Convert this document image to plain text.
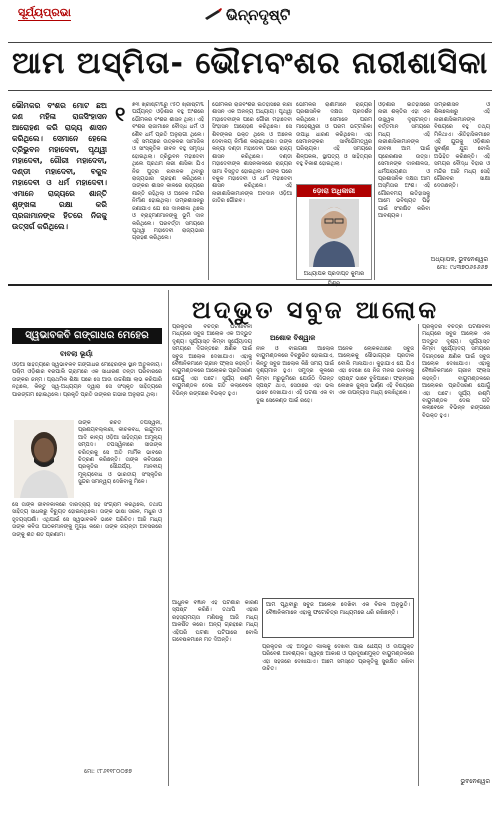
ସୂର୍ଯ୍ୟପ୍ରଭା	ଭିନ୍ନଦୃଷ୍ଟି
ଆମ ଅସ୍ମିତା- ଭୌମବଂଶର ନାରୀଶାସିକା
ଭୌମକର ବଂଶର ମୋଟ ଛଅ ଜଣ ମହିଳା ରାଜସିଂହାସନ ଆରୋହଣ କରି ରାଜ୍ୟ ଶାସନ କରିଥିଲେ। ସେମାନେ ହେଲେ ତ୍ରିଭୁବନ ମହାଦେବୀ, ପୃଥ୍ୱୀ ମହାଦେବୀ, ଗୌରୀ ମହାଦେବୀ, ଦଣ୍ଡୀ ମହାଦେବୀ, ବକୁଳ ମହାଦେବୀ ଓ ଧର୍ମ ମହାଦେବୀ। ଏମାନେ ରାଜ୍ୟରେ ଶାନ୍ତି ଶୃଙ୍ଖଳା ରକ୍ଷା କରି ପ୍ରଜାମାନଙ୍କ ହିତରେ ନିଜକୁ ଉତ୍ସର୍ଗ କରିଥିଲେ।
୧ ୭୩ ଖ୍ରୀଷ୍ଟାବ୍ଦରୁ ୯୫୦ ଖ୍ରୀଷ୍ଟାବ୍ଦ ପର୍ଯ୍ୟନ୍ତ ଓଡ଼ିଶାର ବହୁ ଅଂଶରେ ଭୌମକର ବଂଶର ଶାସନ ଥିଲା। ଏହି ବଂଶର ରାଜାମାନେ ବୌଦ୍ଧ ଧର୍ମ ଓ ଶୈବ ଧର୍ମ ପ୍ରତି ଅନୁରାଗୀ ଥିଲେ। ଏହି ସମୟରେ ଉତ୍କଳର ସାମାଜିକ ଓ ସାଂସ୍କୃତିକ ଜୀବନ ବହୁ ସମୃଦ୍ଧ ହୋଇଥିଲା। ତ୍ରିଭୁବନ ମହାଦେବୀ ଥିଲେ ପ୍ରଥମ ନାରୀ ଶାସିକା ଯିଏ ନିଜ ପୁତ୍ର ନାବାଳକ ଥିବାରୁ ରାଜ୍ୟଭାର ଗ୍ରହଣ କରିଥିଲେ। ତାଙ୍କର ଶାସନ କାଳରେ ରାଜ୍ୟରେ ଶାନ୍ତି ରହିଥିଲା ଓ ଅନେକ ମନ୍ଦିର ନିର୍ମାଣ ହୋଇଥିଲା। ତାମ୍ରଶାସନରୁ ଜଣାଯାଏ ଯେ ସେ ଦାନଶୀଳା ଥିଲେ ଓ ବ୍ରାହ୍ମଣମାନଙ୍କୁ ଭୂମି ଦାନ କରିଥିଲେ। ପରବର୍ତ୍ତୀ ସମୟରେ ପୃଥ୍ୱୀ ମହାଦେବୀ ରାଜ୍ୟଭାର ଗ୍ରହଣ କରିଥିଲେ।
ଭୌମକର ରାଜବଂଶର ଇତିହାସରେ ନାରୀ ଶାସନ ଏକ ଅନନ୍ୟ ଅଧ୍ୟାୟ। ପୃଥ୍ୱୀ ମହାଦେବୀଙ୍କ ପରେ ଗୌରୀ ମହାଦେବୀ ସିଂହାସନ ଆରୋହଣ କରିଥିଲେ। ସେ ଶିବଙ୍କର ଭକ୍ତ ଥିଲେ ଓ ଅନେକ ଦେବାଳୟ ନିର୍ମାଣ କରାଇଥିଲେ। ତାଙ୍କ କନ୍ୟା ଦଣ୍ଡୀ ମହାଦେବୀ ପରେ ରାଜ୍ୟ ଶାସନ କରିଥିଲେ। ଦଣ୍ଡୀ ମହାଦେବୀଙ୍କ ଶାସନକାଳରେ ରାଜ୍ୟର ସୀମା ବିସ୍ତୃତ ହୋଇଥିଲା। ତାଙ୍କ ପରେ ବକୁଳ ମହାଦେବୀ ଓ ଧର୍ମ ମହାଦେବୀ ଶାସନ କରିଥିଲେ। ଏହି ନାରୀଶାସିକାମାନଙ୍କ ଅବଦାନ ଓଡ଼ିଆ ଜାତିର ଗୌରବ।
ଭୌମକର ରାଣୀମାନେ ରାଜ୍ୟର ପ୍ରଶାସନିକ ଦକ୍ଷତା ପ୍ରଦର୍ଶନ କରିଥିଲେ। ସେମାନେ ପରମ ମାହେଶ୍ୱରୀ ଓ ପରମ ଭଟ୍ଟାରିକା ଉପାଧି ଧାରଣ କରିଥିଲେ। ଏହା ସେମାନଙ୍କର ସାର୍ବଭୌମତ୍ୱର ପରିଚାୟକ। ଏହି ସମୟରେ ଶିଳ୍ପକଳା, ସ୍ଥାପତ୍ୟ ଓ ସାହିତ୍ୟର ବହୁ ବିକାଶ ହୋଇଥିଲା।
ଡ଼ୋରା ଅଧିକାରୀ
ଅଧ୍ୟାପକ ପ୍ରଦୀପ୍ତ କୁମାର
ଓଡ଼ିଶାର ଇତିହାସରେ ନାରୀ ଶକ୍ତିର ଏହା ଏକ ଉଜ୍ଜ୍ୱଳ ଦୃଷ୍ଟାନ୍ତ। ବର୍ତ୍ତମାନ ସମୟରେ ମଧ୍ୟ ଏହି ନାରୀଶାସିକାମାନଙ୍କ ଜୀବନୀ ଆମ ପାଇଁ ପ୍ରେରଣାର ଉତ୍ସ। ସେମାନଙ୍କ ଦାନଶୀଳତା, ଧର୍ମପରାୟଣତା ଓ ପ୍ରଶାସନିକ ଦକ୍ଷତା ଆମ ଅସ୍ମିତାର ଅଂଶ। ଏହି ଗୌରବମୟ ଇତିହାସକୁ ଆମେ ଭବିଷ୍ୟତ ପିଢ଼ି ପାଇଁ ସଂରକ୍ଷିତ କରିବା ଆବଶ୍ୟକ।
ତାମ୍ରଶାସନ ଓ ଶିଳାଲେଖରୁ ଏହି ନାରୀଶାସିକାମାନଙ୍କ ବିଷୟରେ ବହୁ ତଥ୍ୟ ମିଳିଥାଏ। ଐତିହାସିକମାନେ ଏହି ଯୁଗକୁ ଓଡ଼ିଶାର ସୁବର୍ଣ୍ଣ ଯୁଗ ବୋଲି ଅଭିହିତ କରିଛନ୍ତି। ଏହି ସମୟର ବୌଦ୍ଧ ବିହାର ଓ ମନ୍ଦିର ଆଜି ମଧ୍ୟ ସେହି ଗୌରବର ସାକ୍ଷୀ ଦେଉଛନ୍ତି।
ଅଧ୍ୟାପକ, ଭୁବନେଶ୍ୱର
ମୋ: ୯୪୩୭୦୬୫୬୬୭
ଅଦ୍ଭୁତ ସବୁଜ ଆଲୋକ
ଅଶୋକ ବିଶ୍ୱାଳ
ସ୍ୱଭାବକବି ଗଙ୍ଗାଧର ମେହେର
ବାବଲା ଭୂୟାଁ
ଓଡ଼ିଆ ସାହିତ୍ୟରେ ସ୍ୱଭାବକବି ଗଙ୍ଗାଧର ମେହେରଙ୍କ ସ୍ଥାନ ଅତୁଳନୀୟ। ପଶ୍ଚିମ ଓଡ଼ିଶାର ବରପାଲି ଗ୍ରାମରେ ଏକ ସାଧାରଣ ତନ୍ତୀ ପରିବାରରେ ତାଙ୍କର ଜନ୍ମ। ପ୍ରାଥମିକ ଶିକ୍ଷା ପରେ ସେ ଆଉ ଉଚ୍ଚଶିକ୍ଷା ଲାଭ କରିପାରି ନଥିଲେ, କିନ୍ତୁ ସ୍ୱ-ଅଧ୍ୟୟନ ଦ୍ୱାରା ସେ ସଂସ୍କୃତ ସାହିତ୍ୟରେ ପାରଙ୍ଗମ ହୋଇଥିଲେ। ପ୍ରକୃତି ପ୍ରତି ତାଙ୍କର ଗଭୀର ଅନୁରାଗ ଥିଲା।
ତାଙ୍କ ରଚିତ ତପସ୍ୱିନୀ, ପ୍ରଣୟବଲ୍ଲରୀ, କୀଚକବଧ, ଇନ୍ଦୁମତୀ ଆଦି କାବ୍ୟ ଓଡ଼ିଆ ସାହିତ୍ୟର ଅମୂଲ୍ୟ ସମ୍ପଦ। ତପସ୍ୱିନୀରେ ସୀତାଙ୍କ ଚରିତ୍ରକୁ ସେ ଅତି ମାର୍ମିକ ଭାବରେ ଚିତ୍ରଣ କରିଛନ୍ତି। ତାଙ୍କ କବିତାରେ ପ୍ରକୃତିର ସୌନ୍ଦର୍ଯ୍ୟ, ମାନବୀୟ ମୂଲ୍ୟବୋଧ ଓ ଭାରତୀୟ ସଂସ୍କୃତିର ସୁନ୍ଦର ସମନ୍ୱୟ ଦେଖିବାକୁ ମିଳେ।
ସେ ତାଙ୍କ ଜୀବନକାଳରେ ଦାରିଦ୍ର୍ୟ ସହ ସଂଗ୍ରାମ କରିଥିଲେ, ତଥାପି ସାହିତ୍ୟ ସାଧନାରୁ ବିଚ୍ୟୁତ ହୋଇନଥିଲେ। ତାଙ୍କ ଭାଷା ସରଳ, ମଧୁର ଓ ହୃଦୟସ୍ପର୍ଶୀ। ଏଥିପାଇଁ ସେ ସ୍ୱଭାବକବି ଭାବେ ପରିଚିତ। ଆଜି ମଧ୍ୟ ତାଙ୍କ କବିତା ପାଠକମାନଙ୍କୁ ମୁଗ୍ଧ କରେ। ତାଙ୍କ ଜୟନ୍ତୀ ଅବସରରେ ତାଙ୍କୁ ଶତ ଶତ ପ୍ରଣାମ।
ମୋ: ୯୮୬୧୧୮୦୦୭୭
ପ୍ରକୃତିର ବିଚିତ୍ର ଘଟଣାବଳୀ ମଧ୍ୟରେ ସବୁଜ ଆଲୋକ ଏକ ଅଦ୍ଭୁତ ଦୃଶ୍ୟ। ସୂର୍ଯ୍ୟାସ୍ତ କିମ୍ବା ସୂର୍ଯ୍ୟୋଦୟ ସମୟରେ ଦିଗନ୍ତରେ କ୍ଷଣିକ ପାଇଁ ସବୁଜ ଆଲୋକ ଦେଖାଯାଏ। ଏହାକୁ ବୈଜ୍ଞାନିକମାନେ ଗ୍ରୀନ ଫ୍ଲାସ କହନ୍ତି। ବାୟୁମଣ୍ଡଳରେ ଆଲୋକର ପ୍ରତିସରଣ ଯୋଗୁଁ ଏହା ଘଟେ। ସୂର୍ଯ୍ୟ ରଶ୍ମି ବାୟୁମଣ୍ଡଳ ଦେଇ ଗତି କଲାବେଳେ ବିଭିନ୍ନ ରଙ୍ଗରେ ବିଭକ୍ତ ହୁଏ।
ନୀଳ ଓ ବାଇଗଣୀ ଆଲୋକ ବାୟୁମଣ୍ଡଳରେ ବିଚ୍ଛୁରିତ ହୋଇଯାଏ, କିନ୍ତୁ ସବୁଜ ଆଲୋକ କିଛି ସମୟ ପାଇଁ ଦୃଶ୍ୟମାନ ହୁଏ। ସମୁଦ୍ର କୂଳରେ କିମ୍ବା ମରୁଭୂମିରେ ଯେଉଁଠି ଦିଗନ୍ତ ସ୍ପଷ୍ଟ ଥାଏ, ସେଠାରେ ଏହା ଭଲ ଭାବେ ଦେଖାଯାଏ। ଏହି ଘଟଣା ଏକ ବା ଦୁଇ ସେକେଣ୍ଡ ପାଇଁ ରହେ।
ଅନେକ ଲୋକକଥାରେ ସବୁଜ ଆଲୋକକୁ ସୌଭାଗ୍ୟର ପ୍ରତୀକ ବୋଲି ମାନାଯାଏ। କୁହାଯାଏ ଯେ ଯିଏ ଏହା ଦେଖେ ସେ ନିଜ ମନର ଭାବନାକୁ ସ୍ପଷ୍ଟ ଭାବେ ବୁଝିପାରେ। ଫ୍ରାନ୍ସର ଲେଖକ ଜୁଲ୍ସ ଭର୍ଣ୍ଣ ଏହି ବିଷୟରେ ଏକ ଉପନ୍ୟାସ ମଧ୍ୟ ଲେଖିଥିଲେ।
ଆମ ପୃଥିବୀରୁ ସବୁଜ ଆଲୋକ ଦେଖିବା ଏକ ବିରଳ ଅନୁଭୂତି। ବୈଜ୍ଞାନିକମାନେ ଏହାକୁ ଫଟୋଚିତ୍ର ମାଧ୍ୟମରେ ଧରି ରଖିଛନ୍ତି।
ଆଧୁନିକ ବିଜ୍ଞାନ ଏହି ଘଟଣାର କାରଣ ସ୍ପଷ୍ଟ କରିଛି। ତଥାପି ଏହାର ରହସ୍ୟମୟତା ମଣିଷକୁ ଆଜି ମଧ୍ୟ ଆକର୍ଷିତ କରେ। ଅନ୍ୟ ଗ୍ରହରେ ମଧ୍ୟ ଏହିପରି ଘଟଣା ଘଟିପାରେ ବୋଲି ଗବେଷକମାନେ ମତ ଦିଅନ୍ତି।
ପ୍ରକୃତିର ଏହି ଅଦ୍ଭୁତ ଲୀଳାକୁ ଦେଖିବା ପାଇଁ ଧୈର୍ଯ୍ୟ ଓ ଉପଯୁକ୍ତ ପରିବେଶ ଆବଶ୍ୟକ। ସ୍ୱଚ୍ଛ ଆକାଶ ଓ ପ୍ରଦୂଷଣମୁକ୍ତ ବାୟୁମଣ୍ଡଳରେ ଏହା ସହଜରେ ଦେଖାଯାଏ। ଆମେ ସମସ୍ତେ ପ୍ରକୃତିକୁ ସୁରକ୍ଷିତ ରଖିବା ଉଚିତ।
ପ୍ରକୃତିର ବିଚିତ୍ର ଘଟଣାବଳୀ ମଧ୍ୟରେ ସବୁଜ ଆଲୋକ ଏକ ଅଦ୍ଭୁତ ଦୃଶ୍ୟ। ସୂର୍ଯ୍ୟାସ୍ତ କିମ୍ବା ସୂର୍ଯ୍ୟୋଦୟ ସମୟରେ ଦିଗନ୍ତରେ କ୍ଷଣିକ ପାଇଁ ସବୁଜ ଆଲୋକ ଦେଖାଯାଏ। ଏହାକୁ ବୈଜ୍ଞାନିକମାନେ ଗ୍ରୀନ ଫ୍ଲାସ କହନ୍ତି। ବାୟୁମଣ୍ଡଳରେ ଆଲୋକର ପ୍ରତିସରଣ ଯୋଗୁଁ ଏହା ଘଟେ। ସୂର୍ଯ୍ୟ ରଶ୍ମି ବାୟୁମଣ୍ଡଳ ଦେଇ ଗତି କଲାବେଳେ ବିଭିନ୍ନ ରଙ୍ଗରେ ବିଭକ୍ତ ହୁଏ।
ଭୁବନେଶ୍ୱର
